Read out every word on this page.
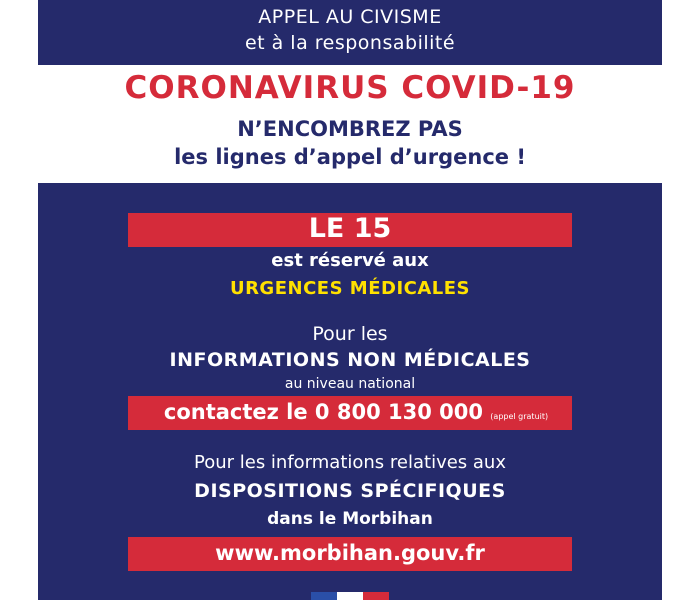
APPEL AU CIVISME
et à la responsabilité
CORONAVIRUS COVID-19
N’ENCOMBREZ PAS
les lignes d’appel d’urgence !
LE 15
est réservé aux
URGENCES MÉDICALES
Pour les
INFORMATIONS NON MÉDICALES
au niveau national
contactez le 0 800 130 000 (appel gratuit)
Pour les informations relatives aux
DISPOSITIONS SPÉCIFIQUES
dans le Morbihan
www.morbihan.gouv.fr
